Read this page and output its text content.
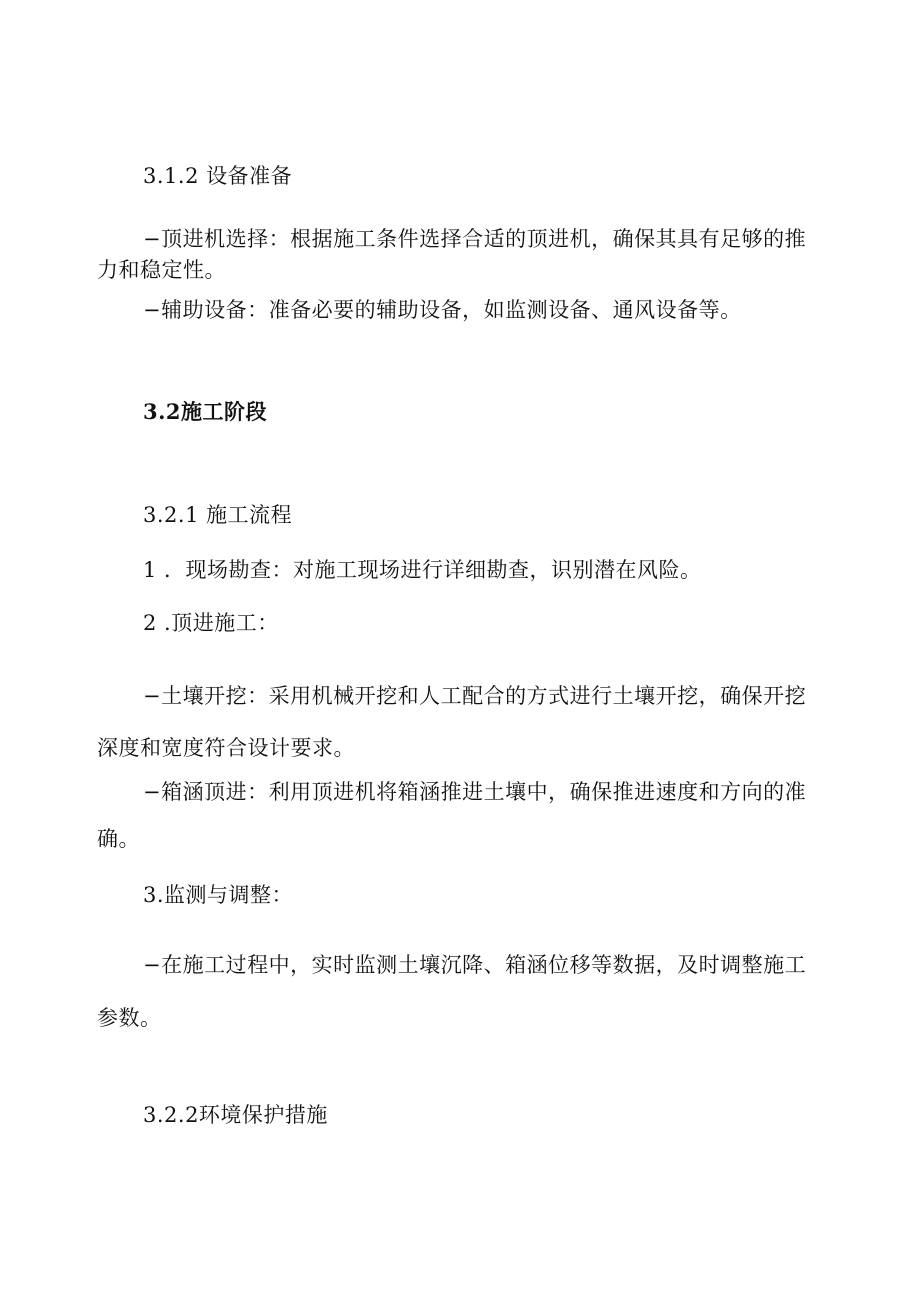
3.1.2 设备准备
−顶进机选择：根据施工条件选择合适的顶进机，确保其具有足够的推
力和稳定性。
−辅助设备：准备必要的辅助设备，如监测设备、通风设备等。
3.2施工阶段
3.2.1 施工流程
1 ．现场勘查：对施工现场进行详细勘查，识别潜在风险。
2 .顶进施工：
−土壤开挖：采用机械开挖和人工配合的方式进行土壤开挖，确保开挖
深度和宽度符合设计要求。
−箱涵顶进：利用顶进机将箱涵推进土壤中，确保推进速度和方向的准
确。
3.监测与调整：
−在施工过程中，实时监测土壤沉降、箱涵位移等数据，及时调整施工
参数。
3.2.2环境保护措施
